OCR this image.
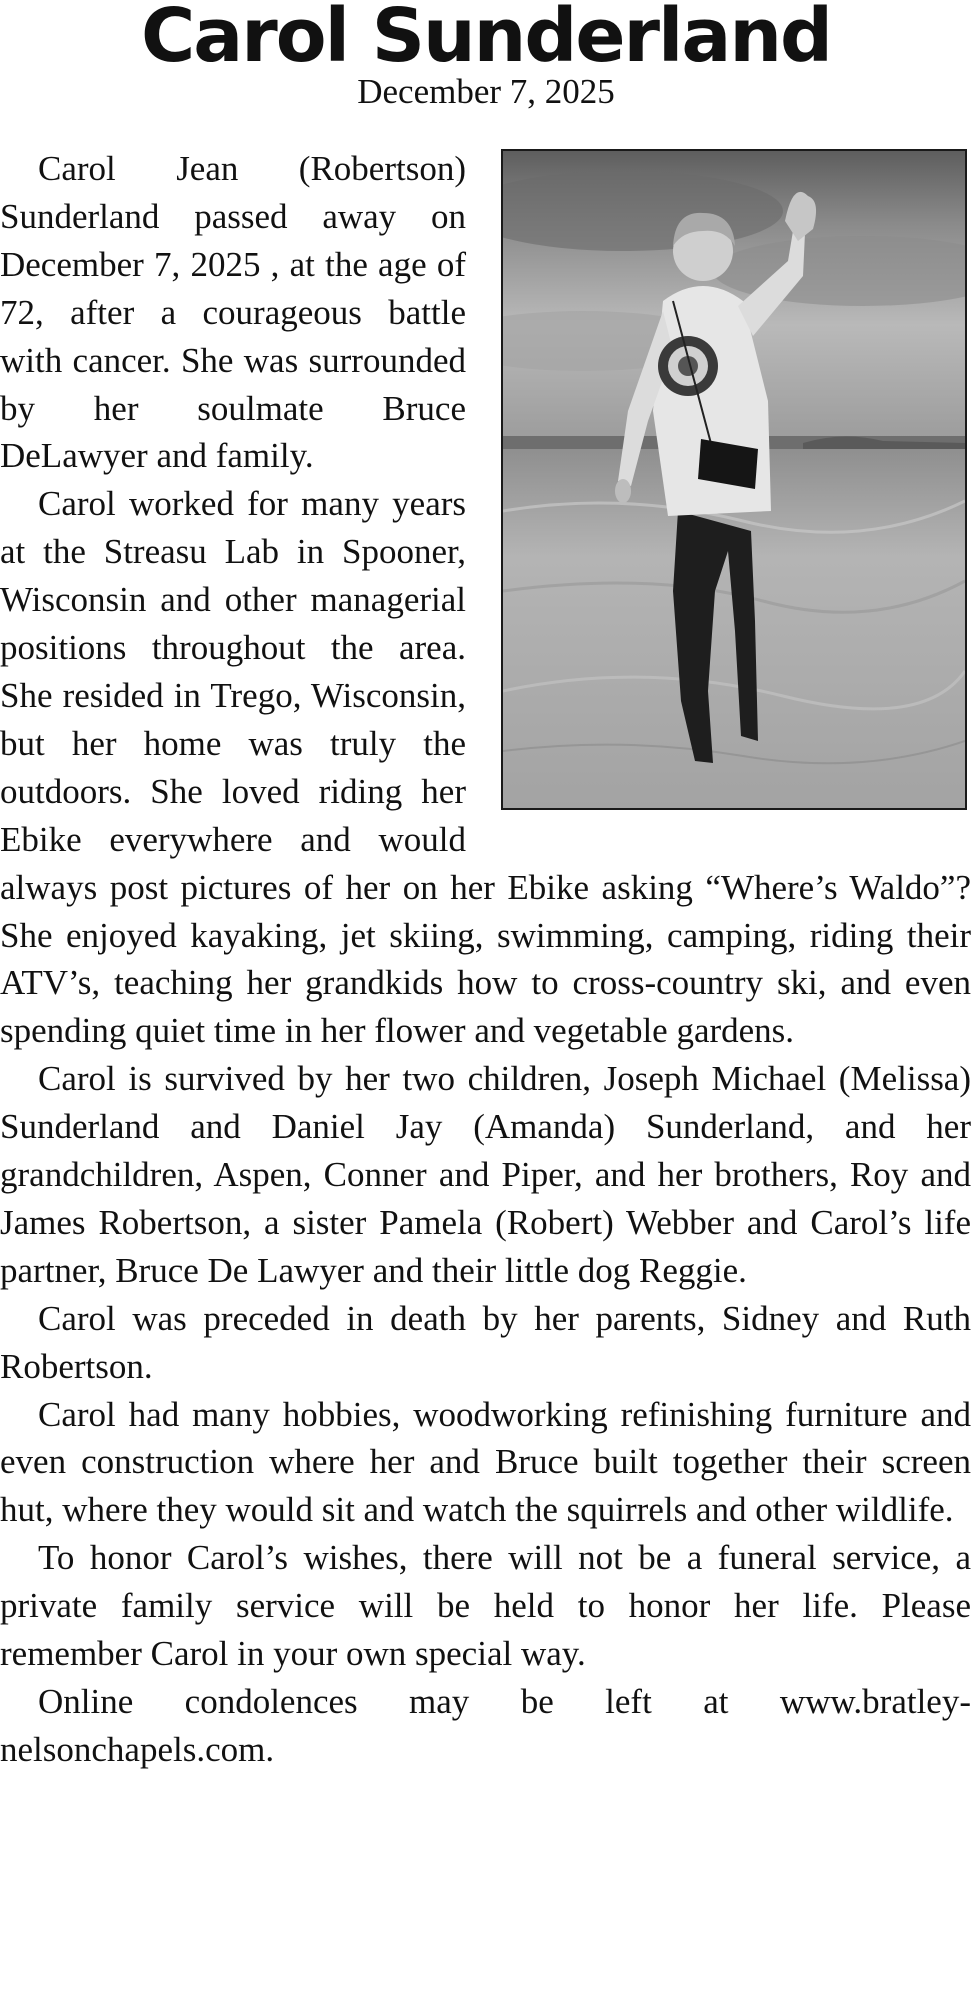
Carol Sunderland
December 7, 2025

Carol Jean (Robertson) Sunderland passed away on December 7, 2025 , at the age of 72, after a courageous battle with cancer. She was surrounded by her soulmate Bruce DeLawyer and family.

Carol worked for many years at the Streasu Lab in Spooner, Wisconsin and other managerial positions throughout the area. She resided in Trego, Wisconsin, but her home was truly the outdoors. She loved riding her Ebike everywhere and would always post pictures of her on her Ebike asking “Where’s Waldo”? She enjoyed kayaking, jet skiing, swimming, camping, riding their ATV’s, teaching her grandkids how to cross-country ski, and even spending quiet time in her flower and vegetable gardens.

Carol is survived by her two children, Joseph Michael (Melissa) Sunderland and Daniel Jay (Amanda) Sunderland, and her grandchildren, Aspen, Conner and Piper, and her brothers, Roy and James Robertson, a sister Pamela (Robert) Webber and Carol’s life partner, Bruce De Lawyer and their little dog Reggie.

Carol was preceded in death by her parents, Sidney and Ruth Robertson.

Carol had many hobbies, woodworking refinishing furniture and even construction where her and Bruce built together their screen hut, where they would sit and watch the squirrels and other wildlife.

To honor Carol’s wishes, there will not be a funeral service, a private family service will be held to honor her life. Please remember Carol in your own special way.

Online condolences may be left at www.bratley-nelsonchapels.com.
